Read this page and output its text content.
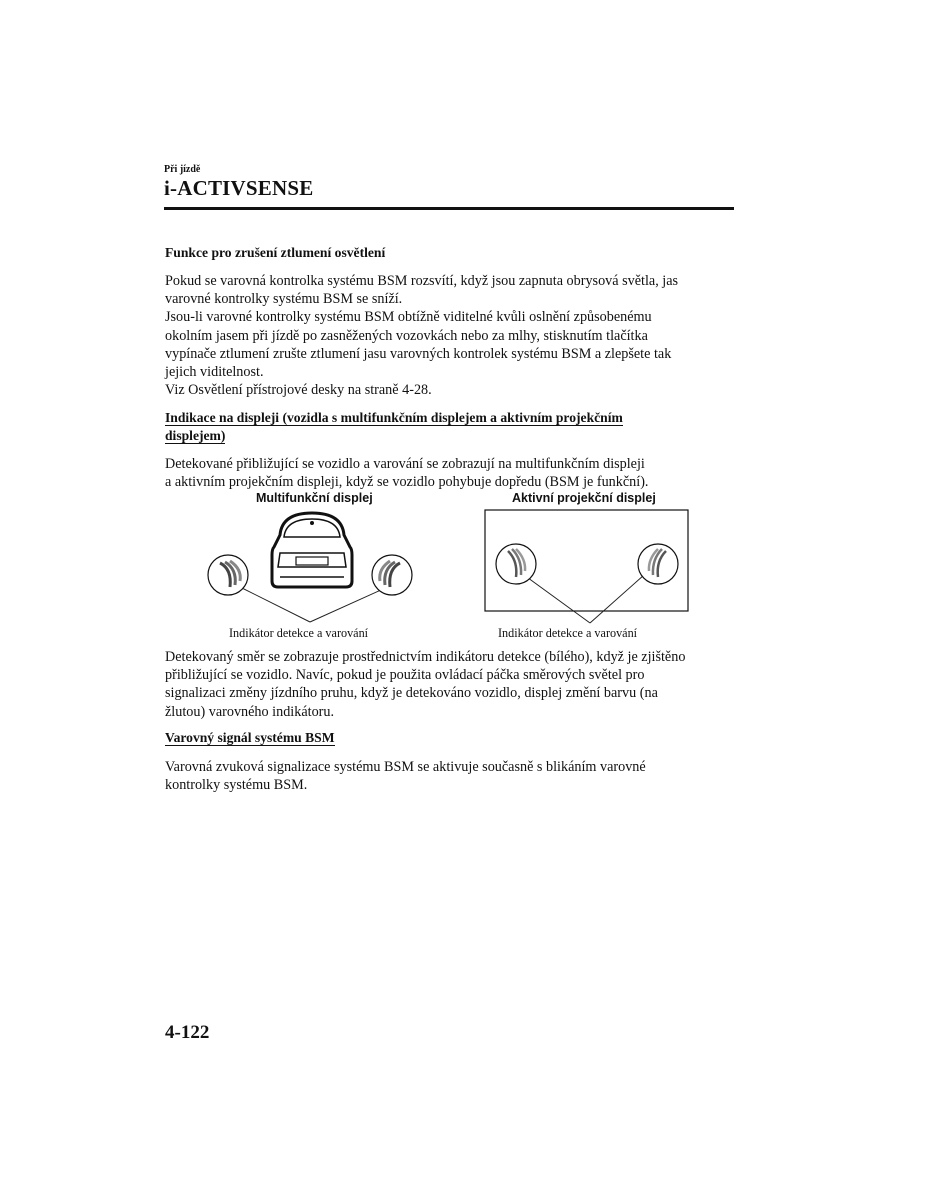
Při jízdě
i-ACTIVSENSE
Funkce pro zrušení ztlumení osvětlení

Pokud se varovná kontrolka systému BSM rozsvítí, když jsou zapnuta obrysová světla, jas

varovné kontrolky systému BSM se sníží.

Jsou-li varovné kontrolky systému BSM obtížně viditelné kvůli oslnění způsobenému

okolním jasem při jízdě po zasněžených vozovkách nebo za mlhy, stisknutím tlačítka

vypínače ztlumení zrušte ztlumení jasu varovných kontrolek systému BSM a zlepšete tak

jejich viditelnost.

Viz Osvětlení přístrojové desky na straně 4-28.

Indikace na displeji (vozidla s multifunkčním displejem a aktivním projekčním
displejem)

Detekované přibližující se vozidlo a varování se zobrazují na multifunkčním displeji

a aktivním projekčním displeji, když se vozidlo pohybuje dopředu (BSM je funkční).

Multifunkční displej	Aktivní projekční displej
Indikátor detekce a varování	Indikátor detekce a varování

Detekovaný směr se zobrazuje prostřednictvím indikátoru detekce (bílého), když je zjištěno

přibližující se vozidlo. Navíc, pokud je použita ovládací páčka směrových světel pro

signalizaci změny jízdního pruhu, když je detekováno vozidlo, displej změní barvu (na

žlutou) varovného indikátoru.

Varovný signál systému BSM

Varovná zvuková signalizace systému BSM se aktivuje současně s blikáním varovné

kontrolky systému BSM.

4-122
